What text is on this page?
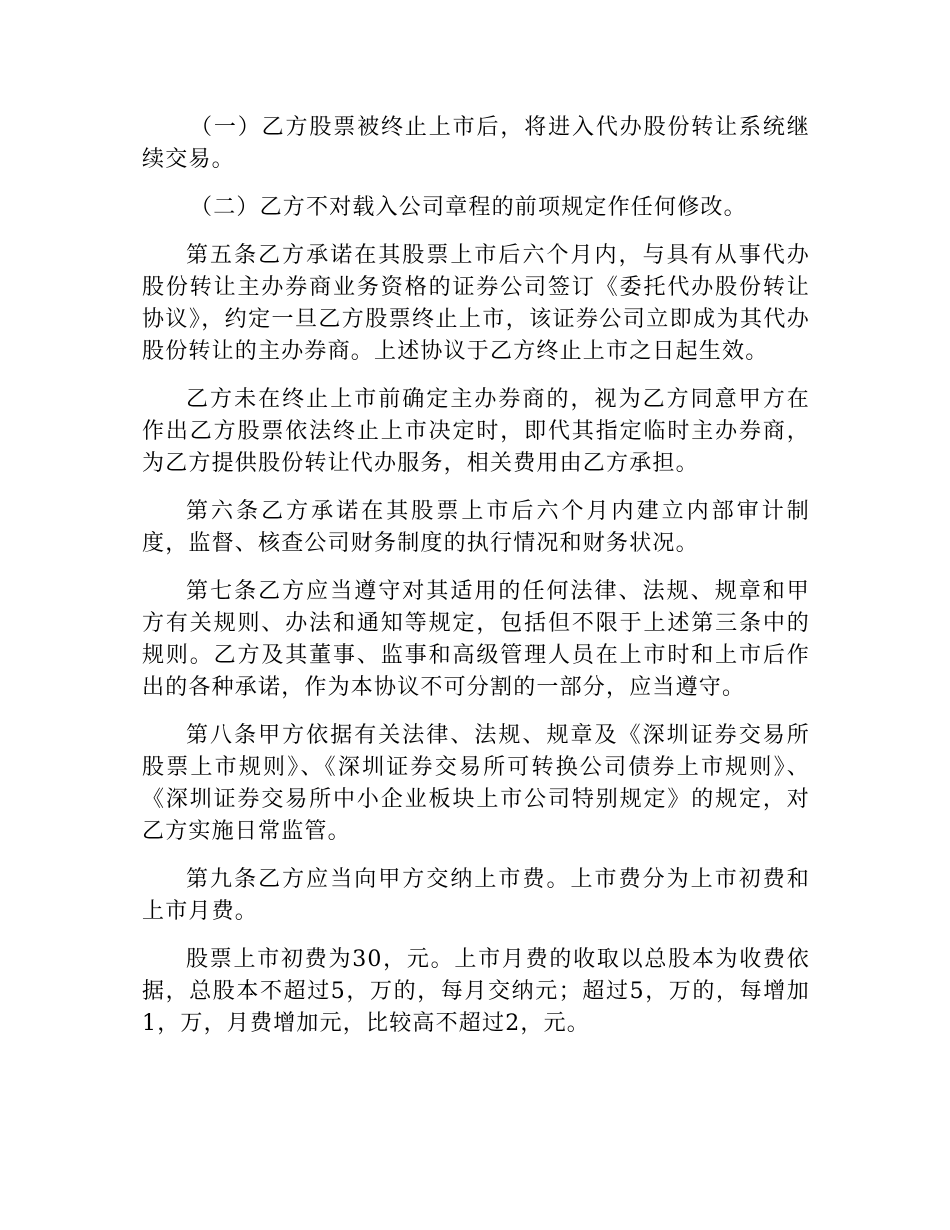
（一）乙方股票被终止上市后，将进入代办股份转让系统继续交易。

（二）乙方不对载入公司章程的前项规定作任何修改。

第五条乙方承诺在其股票上市后六个月内，与具有从事代办股份转让主办券商业务资格的证券公司签订《委托代办股份转让协议》，约定一旦乙方股票终止上市，该证券公司立即成为其代办股份转让的主办券商。上述协议于乙方终止上市之日起生效。

乙方未在终止上市前确定主办券商的，视为乙方同意甲方在作出乙方股票依法终止上市决定时，即代其指定临时主办券商，为乙方提供股份转让代办服务，相关费用由乙方承担。

第六条乙方承诺在其股票上市后六个月内建立内部审计制度，监督、核查公司财务制度的执行情况和财务状况。

第七条乙方应当遵守对其适用的任何法律、法规、规章和甲方有关规则、办法和通知等规定，包括但不限于上述第三条中的规则。乙方及其董事、监事和高级管理人员在上市时和上市后作出的各种承诺，作为本协议不可分割的一部分，应当遵守。

第八条甲方依据有关法律、法规、规章及《深圳证券交易所股票上市规则》、《深圳证券交易所可转换公司债券上市规则》、《深圳证券交易所中小企业板块上市公司特别规定》的规定，对乙方实施日常监管。

第九条乙方应当向甲方交纳上市费。上市费分为上市初费和上市月费。

股票上市初费为30，元。上市月费的收取以总股本为收费依据，总股本不超过5，万的，每月交纳元；超过5，万的，每增加1，万，月费增加元，比较高不超过2，元。
